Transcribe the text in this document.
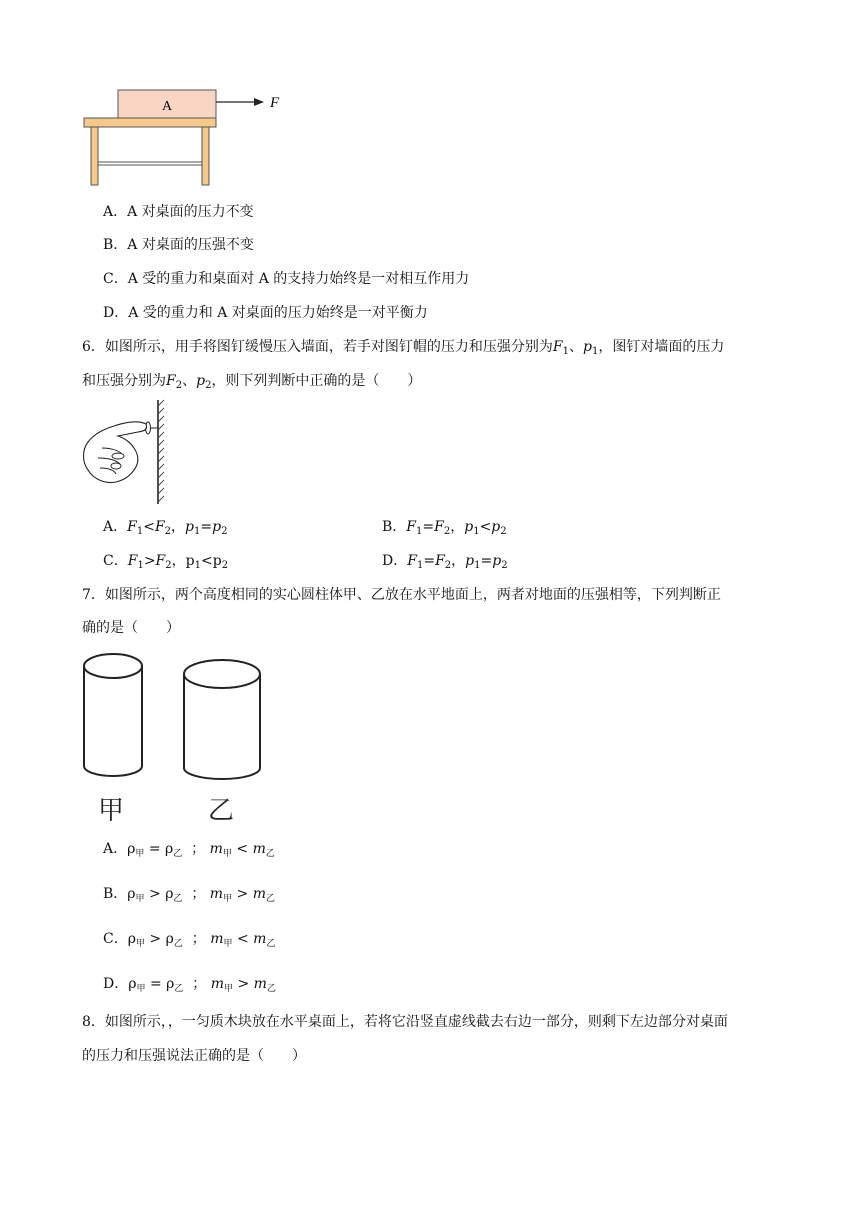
A	F
A．A 对桌面的压力不变
B．A 对桌面的压强不变
C．A 受的重力和桌面对 A 的支持力始终是一对相互作用力
D．A 受的重力和 A 对桌面的压力始终是一对平衡力
6．如图所示，用手将图钉缓慢压入墙面，若手对图钉帽的压力和压强分别为$F_1$、$p_1$，图钉对墙面的压力
和压强分别为$F_2$、$p_2$，则下列判断中正确的是（　　）
A．$F_1<F_2$，$p_1=p_2$	B．$F_1=F_2$，$p_1<p_2$
C．$F_1>F_2$，$p_1<p_2$	D．$F_1=F_2$，$p_1=p_2$
7．如图所示，两个高度相同的实心圆柱体甲、乙放在水平地面上，两者对地面的压强相等，下列判断正
确的是（　　）
甲	乙
A．$\rho_甲 = \rho_乙$ ； $m_甲 < m_乙$
B．$\rho_甲 > \rho_乙$ ； $m_甲 > m_乙$
C．$\rho_甲 > \rho_乙$ ； $m_甲 < m_乙$
D．$\rho_甲 = \rho_乙$ ； $m_甲 > m_乙$
8．如图所示，，一匀质木块放在水平桌面上，若将它沿竖直虚线截去右边一部分，则剩下左边部分对桌面
的压力和压强说法正确的是（　　）
